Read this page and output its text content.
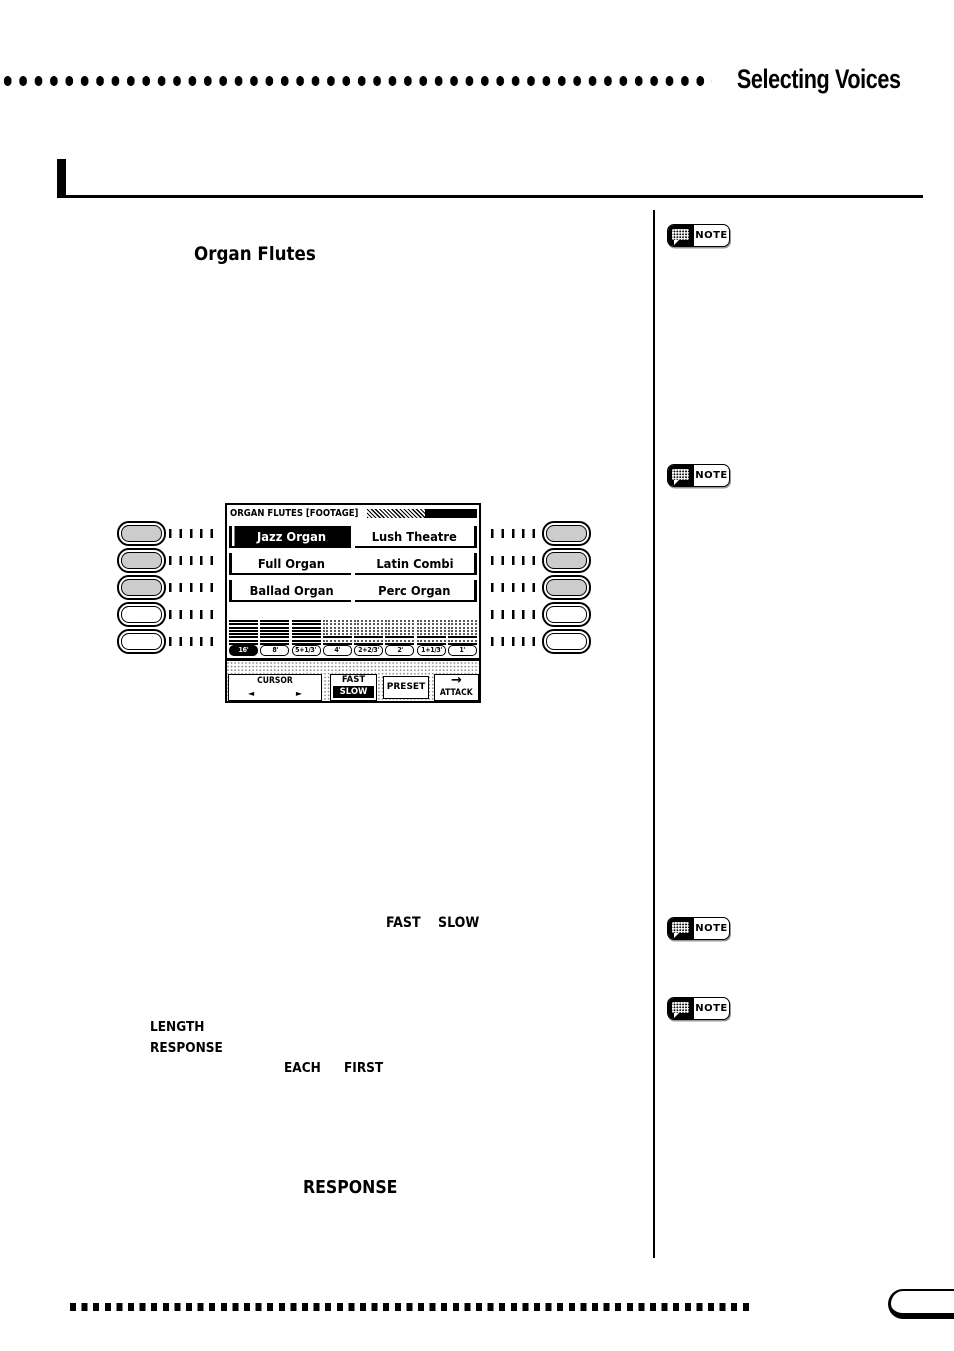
Selecting Voices
Organ Flutes
NOTE
NOTE
NOTE
NOTE
ORGAN FLUTES [FOOTAGE]
Jazz Organ	Lush Theatre
Full Organ	Latin Combi
Ballad Organ	Perc Organ
16'	8'	5+1/3'	4'	2+2/3'	2'	1+1/3'	1'
CURSOR
◄	►
FAST
SLOW	PRESET →
ATTACK
FAST SLOW
LENGTH
RESPONSE
EACH FIRST
RESPONSE
